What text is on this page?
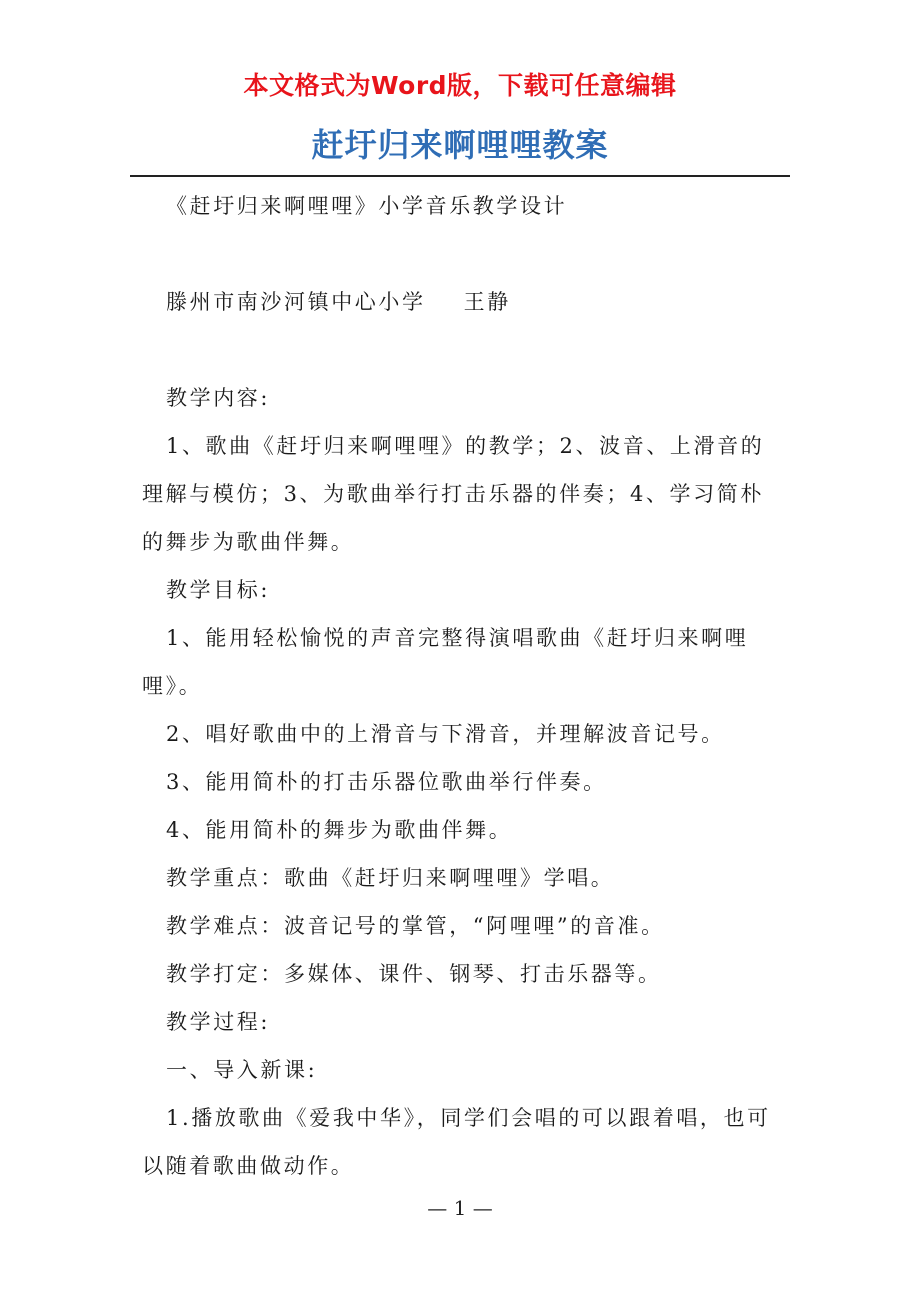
本文格式为Word版，下载可任意编辑
赶圩归来啊哩哩教案

《赶圩归来啊哩哩》小学音乐教学设计

滕州市南沙河镇中心小学 王静

教学内容:

1、歌曲《赶圩归来啊哩哩》的教学；2、波音、上滑音的理解与模仿；3、为歌曲举行打击乐器的伴奏；4、学习简朴的舞步为歌曲伴舞。

教学目标:

1、能用轻松愉悦的声音完整得演唱歌曲《赶圩归来啊哩哩》。

2、唱好歌曲中的上滑音与下滑音，并理解波音记号。

3、能用简朴的打击乐器位歌曲举行伴奏。

4、能用简朴的舞步为歌曲伴舞。

教学重点：歌曲《赶圩归来啊哩哩》学唱。

教学难点：波音记号的掌管，“阿哩哩”的音准。

教学打定：多媒体、课件、钢琴、打击乐器等。

教学过程:

一、导入新课:

1.播放歌曲《爱我中华》，同学们会唱的可以跟着唱，也可以随着歌曲做动作。

— 1 —
